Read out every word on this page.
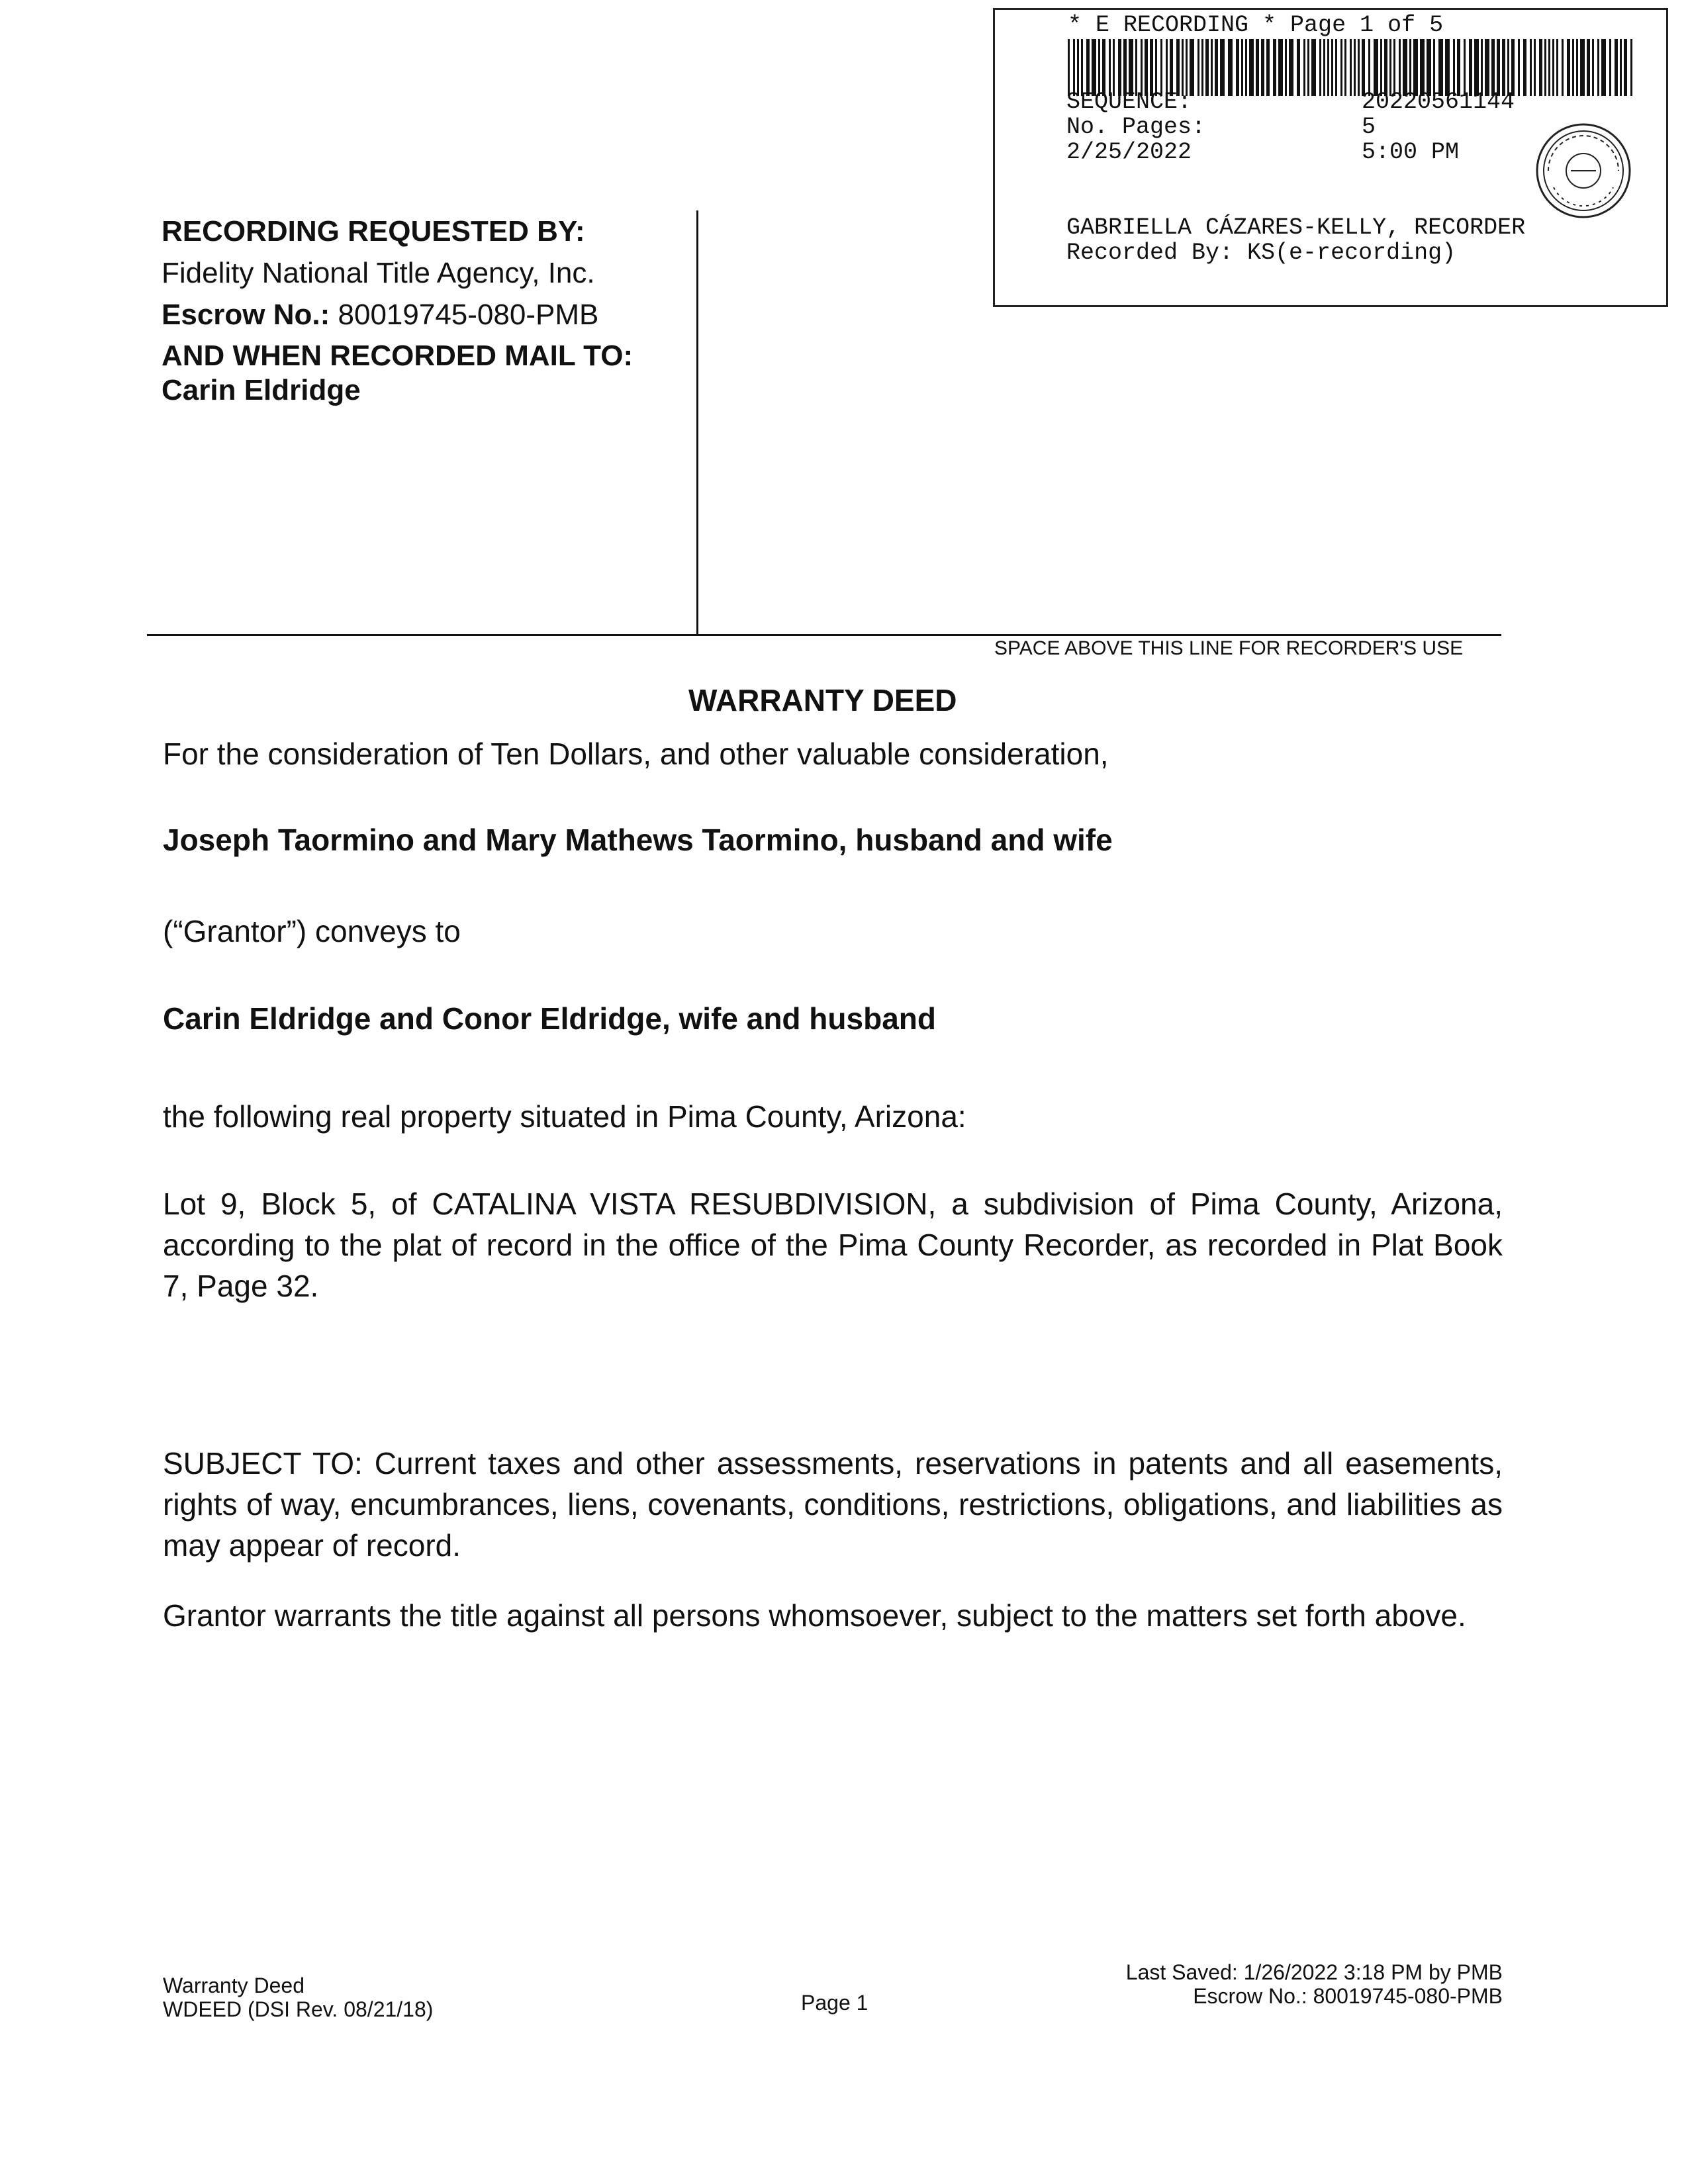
* E RECORDING * Page 1 of 5
SEQUENCE:	20220561144
No. Pages:	5
2/25/2022	5:00 PM
GABRIELLA CÁZARES-KELLY, RECORDER
Recorded By: KS(e-recording)
RECORDING REQUESTED BY:
Fidelity National Title Agency, Inc.
Escrow No.: 80019745-080-PMB
AND WHEN RECORDED MAIL TO:
Carin Eldridge
SPACE ABOVE THIS LINE FOR RECORDER'S USE
WARRANTY DEED
For the consideration of Ten Dollars, and other valuable consideration,
Joseph Taormino and Mary Mathews Taormino, husband and wife
(“Grantor”) conveys to
Carin Eldridge and Conor Eldridge, wife and husband
the following real property situated in Pima County, Arizona:
Lot 9, Block 5, of CATALINA VISTA RESUBDIVISION, a subdivision of Pima County, Arizona, according to the plat of record in the office of the Pima County Recorder, as recorded in Plat Book 7, Page 32.
SUBJECT TO: Current taxes and other assessments, reservations in patents and all easements, rights of way, encumbrances, liens, covenants, conditions, restrictions, obligations, and liabilities as may appear of record.
Grantor warrants the title against all persons whomsoever, subject to the matters set forth above.
Warranty Deed
WDEED (DSI Rev. 08/21/18)	Page 1
Last Saved: 1/26/2022 3:18 PM by PMB
Escrow No.: 80019745-080-PMB
